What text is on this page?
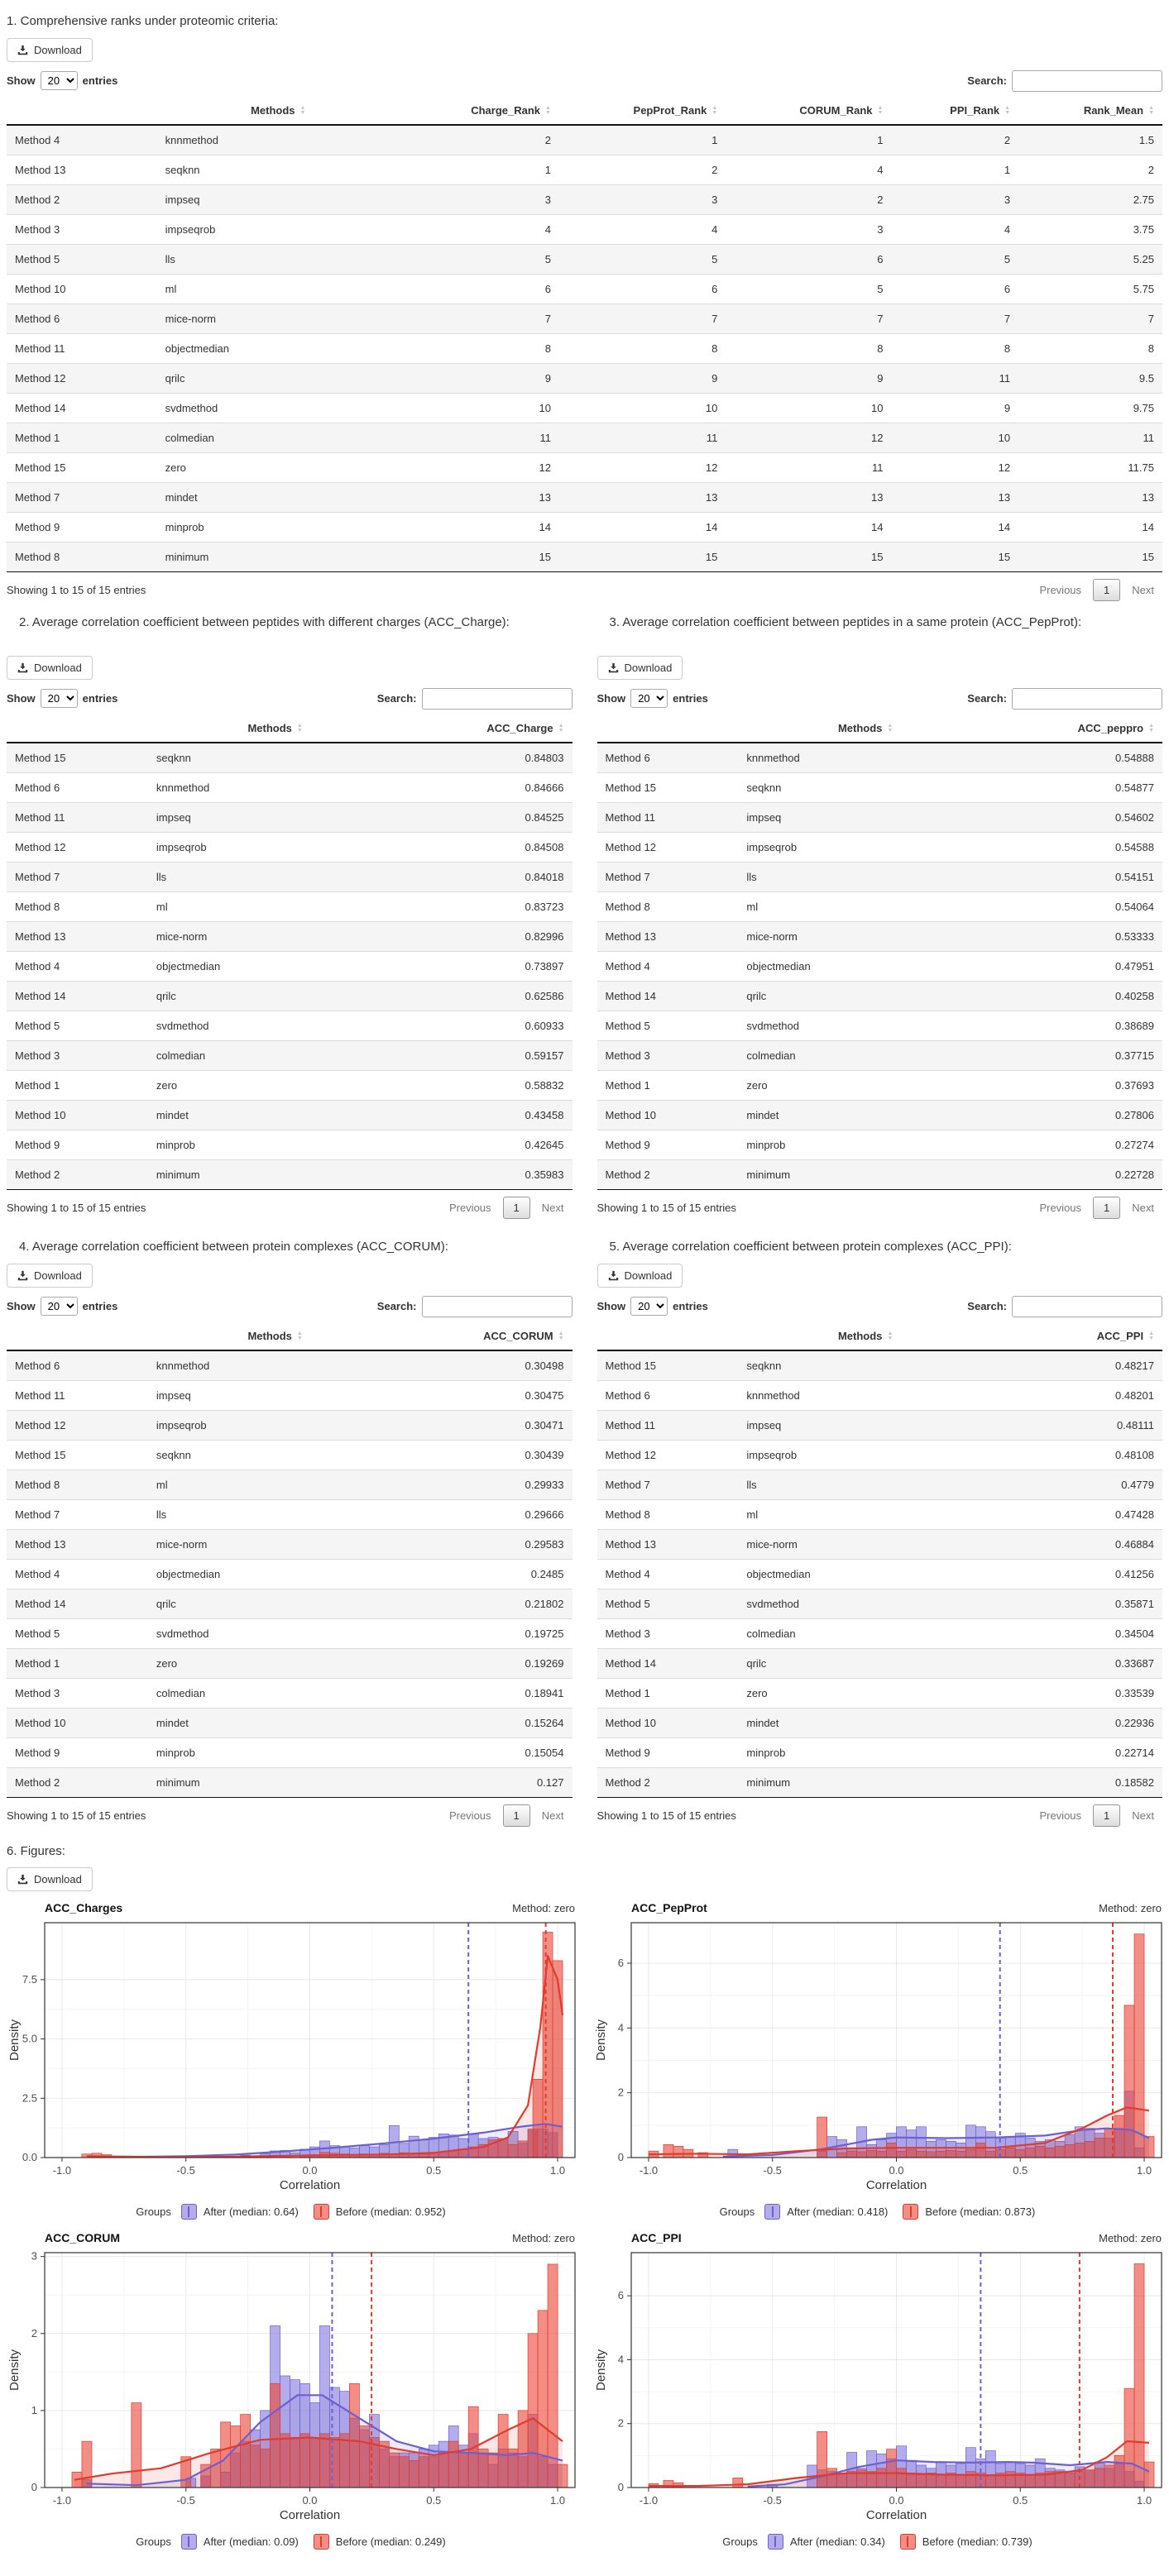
1. Comprehensive ranks under proteomic criteria:
Download
Show
20	entries	Search:
	Methods ▲
▼	Charge_Rank ▲
▼	PepProt_Rank ▲
▼	CORUM_Rank ▲
▼	PPI_Rank ▲
▼	Rank_Mean ▲
▼

Method 4	knnmethod	2	1	1	2	1.5
Method 13	seqknn	1	2	4	1	2
Method 2	impseq	3	3	2	3	2.75
Method 3	impseqrob	4	4	3	4	3.75
Method 5	lls	5	5	6	5	5.25
Method 10	ml	6	6	5	6	5.75
Method 6	mice-norm	7	7	7	7	7
Method 11	objectmedian	8	8	8	8	8
Method 12	qrilc	9	9	9	11	9.5
Method 14	svdmethod	10	10	10	9	9.75
Method 1	colmedian	11	11	12	10	11
Method 15	zero	12	12	11	12	11.75
Method 7	mindet	13	13	13	13	13
Method 9	minprob	14	14	14	14	14
Method 8	minimum	15	15	15	15	15
Showing 1 to 15 of 15 entries	Previous	1	Next
2. Average correlation coefficient between peptides with different charges (ACC_Charge):
Download
Show
20	entries	Search:
	Methods ▲
▼	ACC_Charge ▲
▼

Method 15	seqknn	0.84803
Method 6	knnmethod	0.84666
Method 11	impseq	0.84525
Method 12	impseqrob	0.84508
Method 7	lls	0.84018
Method 8	ml	0.83723
Method 13	mice-norm	0.82996
Method 4	objectmedian	0.73897
Method 14	qrilc	0.62586
Method 5	svdmethod	0.60933
Method 3	colmedian	0.59157
Method 1	zero	0.58832
Method 10	mindet	0.43458
Method 9	minprob	0.42645
Method 2	minimum	0.35983
Showing 1 to 15 of 15 entries	Previous	1	Next
3. Average correlation coefficient between peptides in a same protein (ACC_PepProt):
Download
Show
20	entries	Search:
	Methods ▲
▼	ACC_peppro ▲
▼

Method 6	knnmethod	0.54888
Method 15	seqknn	0.54877
Method 11	impseq	0.54602
Method 12	impseqrob	0.54588
Method 7	lls	0.54151
Method 8	ml	0.54064
Method 13	mice-norm	0.53333
Method 4	objectmedian	0.47951
Method 14	qrilc	0.40258
Method 5	svdmethod	0.38689
Method 3	colmedian	0.37715
Method 1	zero	0.37693
Method 10	mindet	0.27806
Method 9	minprob	0.27274
Method 2	minimum	0.22728
Showing 1 to 15 of 15 entries	Previous	1	Next
4. Average correlation coefficient between protein complexes (ACC_CORUM):
Download
Show
20	entries	Search:
	Methods ▲
▼	ACC_CORUM ▲
▼

Method 6	knnmethod	0.30498
Method 11	impseq	0.30475
Method 12	impseqrob	0.30471
Method 15	seqknn	0.30439
Method 8	ml	0.29933
Method 7	lls	0.29666
Method 13	mice-norm	0.29583
Method 4	objectmedian	0.2485
Method 14	qrilc	0.21802
Method 5	svdmethod	0.19725
Method 1	zero	0.19269
Method 3	colmedian	0.18941
Method 10	mindet	0.15264
Method 9	minprob	0.15054
Method 2	minimum	0.127
Showing 1 to 15 of 15 entries	Previous	1	Next
5. Average correlation coefficient between protein complexes (ACC_PPI):
Download
Show
20	entries	Search:
	Methods ▲
▼	ACC_PPI ▲
▼

Method 15	seqknn	0.48217
Method 6	knnmethod	0.48201
Method 11	impseq	0.48111
Method 12	impseqrob	0.48108
Method 7	lls	0.4779
Method 8	ml	0.47428
Method 13	mice-norm	0.46884
Method 4	objectmedian	0.41256
Method 5	svdmethod	0.35871
Method 3	colmedian	0.34504
Method 14	qrilc	0.33687
Method 1	zero	0.33539
Method 10	mindet	0.22936
Method 9	minprob	0.22714
Method 2	minimum	0.18582
Showing 1 to 15 of 15 entries	Previous	1	Next
6. Figures:
Download
ACC_Charges	Method: zero
-1.0	-0.5	0.0	0.5	1.0
0.0
2.5
5.0
7.5
Correlation
Density
Groups	After (median: 0.64)	Before (median: 0.952)
ACC_PepProt	Method: zero
-1.0	-0.5	0.0	0.5	1.0
0
2
4
6
Correlation
Density
Groups	After (median: 0.418)	Before (median: 0.873)
ACC_CORUM	Method: zero
-1.0	-0.5	0.0	0.5	1.0
0
1
2
3
Correlation
Density
Groups	After (median: 0.09)	Before (median: 0.249)
ACC_PPI	Method: zero
-1.0	-0.5	0.0	0.5	1.0
0
2
4
6
Correlation
Density
Groups	After (median: 0.34)	Before (median: 0.739)
